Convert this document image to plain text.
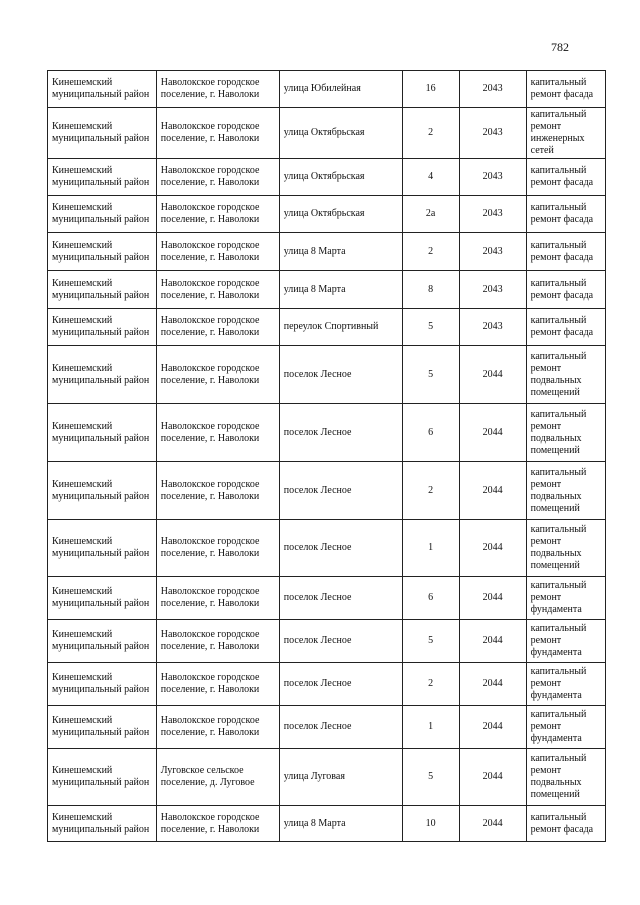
782
Кинешемский муниципальный район	Наволокское городское поселение, г. Наволоки	улица Юбилейная	16	2043	капитальный ремонт фасада
Кинешемский муниципальный район	Наволокское городское поселение, г. Наволоки	улица Октябрьская	2	2043	капитальный ремонт инженерных сетей
Кинешемский муниципальный район	Наволокское городское поселение, г. Наволоки	улица Октябрьская	4	2043	капитальный ремонт фасада
Кинешемский муниципальный район	Наволокское городское поселение, г. Наволоки	улица Октябрьская	2а	2043	капитальный ремонт фасада
Кинешемский муниципальный район	Наволокское городское поселение, г. Наволоки	улица 8 Марта	2	2043	капитальный ремонт фасада
Кинешемский муниципальный район	Наволокское городское поселение, г. Наволоки	улица 8 Марта	8	2043	капитальный ремонт фасада
Кинешемский муниципальный район	Наволокское городское поселение, г. Наволоки	переулок Спортивный	5	2043	капитальный ремонт фасада
Кинешемский муниципальный район	Наволокское городское поселение, г. Наволоки	поселок Лесное	5	2044	капитальный ремонт подвальных помещений
Кинешемский муниципальный район	Наволокское городское поселение, г. Наволоки	поселок Лесное	6	2044	капитальный ремонт подвальных помещений
Кинешемский муниципальный район	Наволокское городское поселение, г. Наволоки	поселок Лесное	2	2044	капитальный ремонт подвальных помещений
Кинешемский муниципальный район	Наволокское городское поселение, г. Наволоки	поселок Лесное	1	2044	капитальный ремонт подвальных помещений
Кинешемский муниципальный район	Наволокское городское поселение, г. Наволоки	поселок Лесное	6	2044	капитальный ремонт фундамента
Кинешемский муниципальный район	Наволокское городское поселение, г. Наволоки	поселок Лесное	5	2044	капитальный ремонт фундамента
Кинешемский муниципальный район	Наволокское городское поселение, г. Наволоки	поселок Лесное	2	2044	капитальный ремонт фундамента
Кинешемский муниципальный район	Наволокское городское поселение, г. Наволоки	поселок Лесное	1	2044	капитальный ремонт фундамента
Кинешемский муниципальный район	Луговское сельское поселение, д. Луговое	улица Луговая	5	2044	капитальный ремонт подвальных помещений
Кинешемский муниципальный район	Наволокское городское поселение, г. Наволоки	улица 8 Марта	10	2044	капитальный ремонт фасада
